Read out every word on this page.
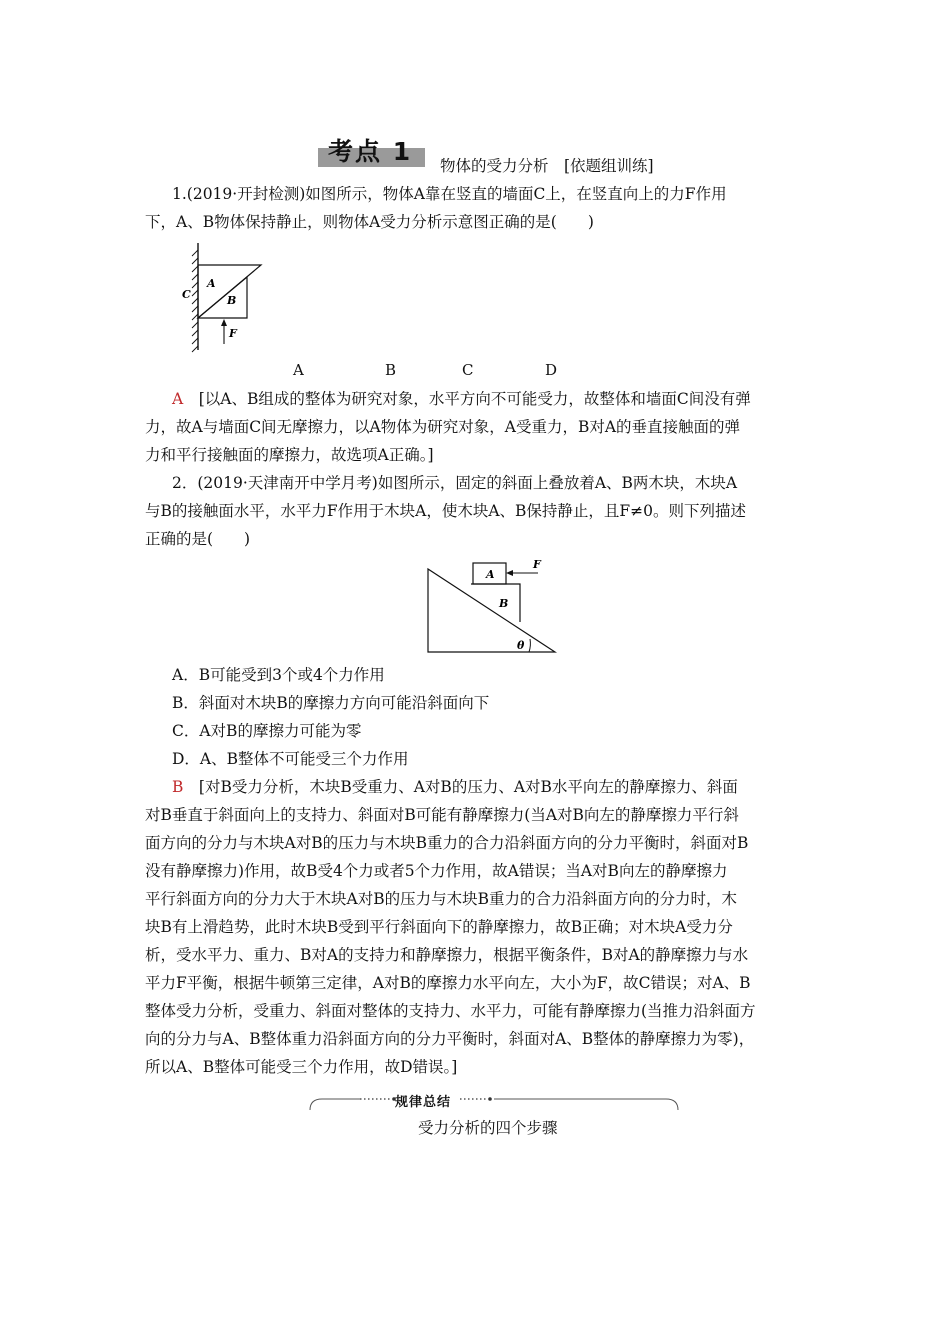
考点 1 物体的受力分析　[依题组训练]
1.(2019·开封检测)如图所示，物体A靠在竖直的墙面C上，在竖直向上的力F作用
下，A、B物体保持静止，则物体A受力分析示意图正确的是(　　)
C
A
B
F
A	B	C	D
A　 [以A、B组成的整体为研究对象，水平方向不可能受力，故整体和墙面C间没有弹
力，故A与墙面C间无摩擦力，以A物体为研究对象，A受重力，B对A的垂直接触面的弹
力和平行接触面的摩擦力，故选项A正确。]
2．(2019·天津南开中学月考)如图所示，固定的斜面上叠放着A、B两木块，木块A
与B的接触面水平，水平力F作用于木块A，使木块A、B保持静止，且F≠0。则下列描述
正确的是(　　)
A
B
F
θ
A．B可能受到3个或4个力作用
B．斜面对木块B的摩擦力方向可能沿斜面向下
C．A对B的摩擦力可能为零
D．A、B整体不可能受三个力作用
B　 [对B受力分析，木块B受重力、A对B的压力、A对B水平向左的静摩擦力、斜面
对B垂直于斜面向上的支持力、斜面对B可能有静摩擦力(当A对B向左的静摩擦力平行斜
面方向的分力与木块A对B的压力与木块B重力的合力沿斜面方向的分力平衡时，斜面对B
没有静摩擦力)作用，故B受4个力或者5个力作用，故A错误；当A对B向左的静摩擦力
平行斜面方向的分力大于木块A对B的压力与木块B重力的合力沿斜面方向的分力时，木
块B有上滑趋势，此时木块B受到平行斜面向下的静摩擦力，故B正确；对木块A受力分
析，受水平力、重力、B对A的支持力和静摩擦力，根据平衡条件，B对A的静摩擦力与水
平力F平衡，根据牛顿第三定律，A对B的摩擦力水平向左，大小为F，故C错误；对A、B
整体受力分析，受重力、斜面对整体的支持力、水平力，可能有静摩擦力(当推力沿斜面方
向的分力与A、B整体重力沿斜面方向的分力平衡时，斜面对A、B整体的静摩擦力为零)，
所以A、B整体可能受三个力作用，故D错误。]
规律总结
受力分析的四个步骤
